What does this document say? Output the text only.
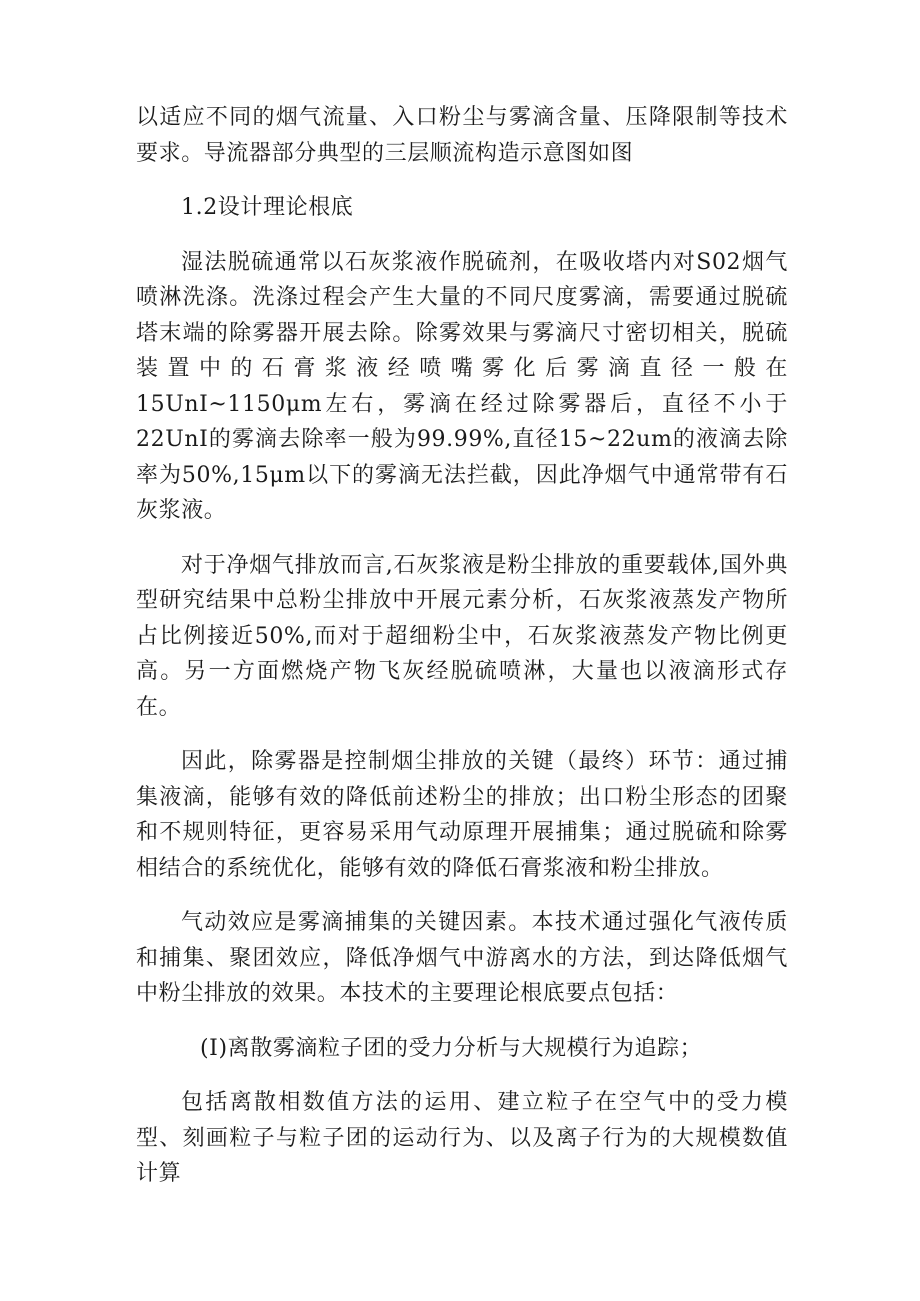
以适应不同的烟气流量、入口粉尘与雾滴含量、压降限制等技术要求。导流器部分典型的三层顺流构造示意图如图

1.2设计理论根底

湿法脱硫通常以石灰浆液作脱硫剂，在吸收塔内对S02烟气喷淋洗涤。洗涤过程会产生大量的不同尺度雾滴，需要通过脱硫塔末端的除雾器开展去除。除雾效果与雾滴尺寸密切相关，脱硫装置中的石膏浆液经喷嘴雾化后雾滴直径一般在15UnI~1150μm左右，雾滴在经过除雾器后，直径不小于22UnI的雾滴去除率一般为99.99%,直径15~22um的液滴去除率为50%,15μm以下的雾滴无法拦截，因此净烟气中通常带有石灰浆液。

对于净烟气排放而言,石灰浆液是粉尘排放的重要载体,国外典型研究结果中总粉尘排放中开展元素分析，石灰浆液蒸发产物所占比例接近50%,而对于超细粉尘中，石灰浆液蒸发产物比例更高。另一方面燃烧产物飞灰经脱硫喷淋，大量也以液滴形式存在。

因此，除雾器是控制烟尘排放的关键（最终）环节：通过捕集液滴，能够有效的降低前述粉尘的排放；出口粉尘形态的团聚和不规则特征，更容易采用气动原理开展捕集；通过脱硫和除雾相结合的系统优化，能够有效的降低石膏浆液和粉尘排放。

气动效应是雾滴捕集的关键因素。本技术通过强化气液传质和捕集、聚团效应，降低净烟气中游离水的方法，到达降低烟气中粉尘排放的效果。本技术的主要理论根底要点包括：

(I)离散雾滴粒子团的受力分析与大规模行为追踪；

包括离散相数值方法的运用、建立粒子在空气中的受力模型、刻画粒子与粒子团的运动行为、以及离子行为的大规模数值计算
